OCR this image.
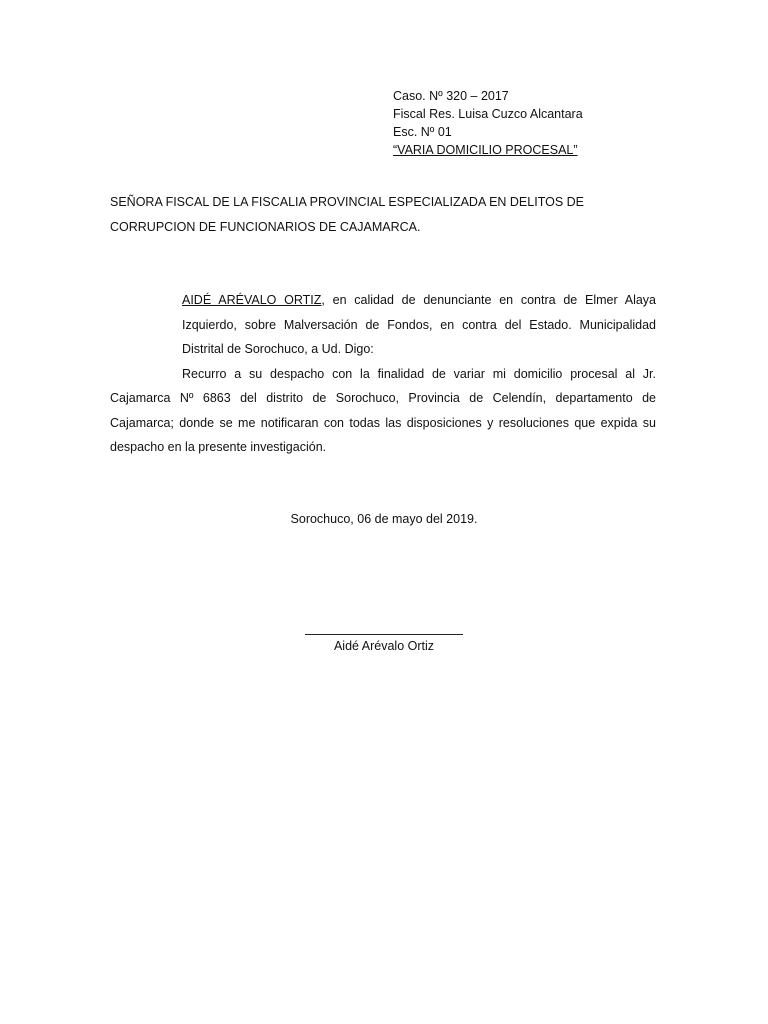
Caso. Nº 320 – 2017
Fiscal Res. Luisa Cuzco Alcantara
Esc. Nº 01
“VARIA DOMICILIO PROCESAL”
SEÑORA FISCAL DE LA FISCALIA PROVINCIAL ESPECIALIZADA EN DELITOS DE CORRUPCION DE FUNCIONARIOS DE CAJAMARCA.
AIDÉ ARÉVALO ORTIZ, en calidad de denunciante en contra de Elmer Alaya Izquierdo, sobre Malversación de Fondos, en contra del Estado. Municipalidad Distrital de Sorochuco, a Ud. Digo:

Recurro a su despacho con la finalidad de variar mi domicilio procesal al Jr. Cajamarca Nº 6863 del distrito de Sorochuco, Provincia de Celendín, departamento de Cajamarca; donde se me notificaran con todas las disposiciones y resoluciones que expida su despacho en la presente investigación.

Sorochuco, 06 de mayo del 2019.
Aidé Arévalo Ortiz
